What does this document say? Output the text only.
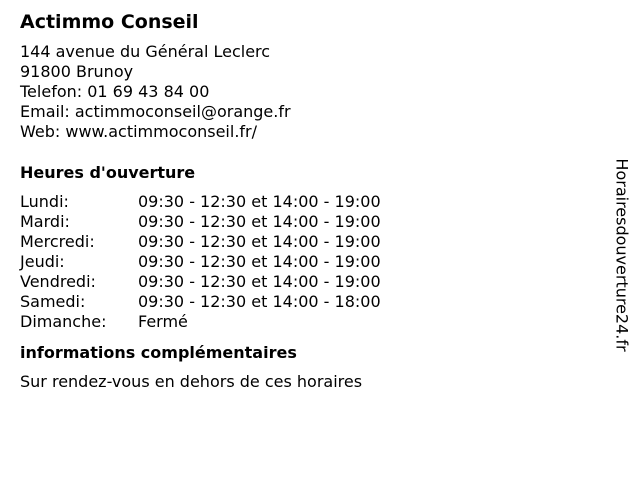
Actimmo Conseil
144 avenue du Général Leclerc
91800 Brunoy
Telefon: 01 69 43 84 00
Email: actimmoconseil@orange.fr
Web: www.actimmoconseil.fr/
Heures d'ouverture
Lundi:	09:30 - 12:30 et 14:00 - 19:00
Mardi:	09:30 - 12:30 et 14:00 - 19:00
Mercredi:	09:30 - 12:30 et 14:00 - 19:00
Jeudi:	09:30 - 12:30 et 14:00 - 19:00
Vendredi:	09:30 - 12:30 et 14:00 - 19:00
Samedi:	09:30 - 12:30 et 14:00 - 18:00
Dimanche:	Fermé
informations complémentaires
Sur rendez-vous en dehors de ces horaires
Horairesdouverture24.fr
